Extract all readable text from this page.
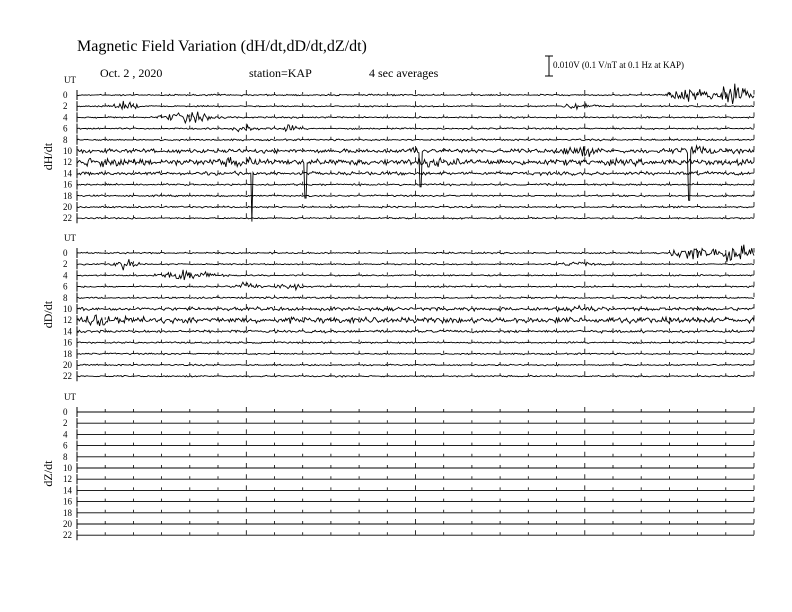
Magnetic Field Variation (dH/dt,dD/dt,dZ/dt)
Oct. 2 , 2020	station=KAP	4 sec averages
0.010V (0.1 V/nT at 0.1 Hz at KAP)
UT
dH/dt
0
2
4
6
8
10
12
14
16
18
20
22
UT
dD/dt
0
2
4
6
8
10
12
14
16
18
20
22
UT
dZ/dt
0
2
4
6
8
10
12
14
16
18
20
22
